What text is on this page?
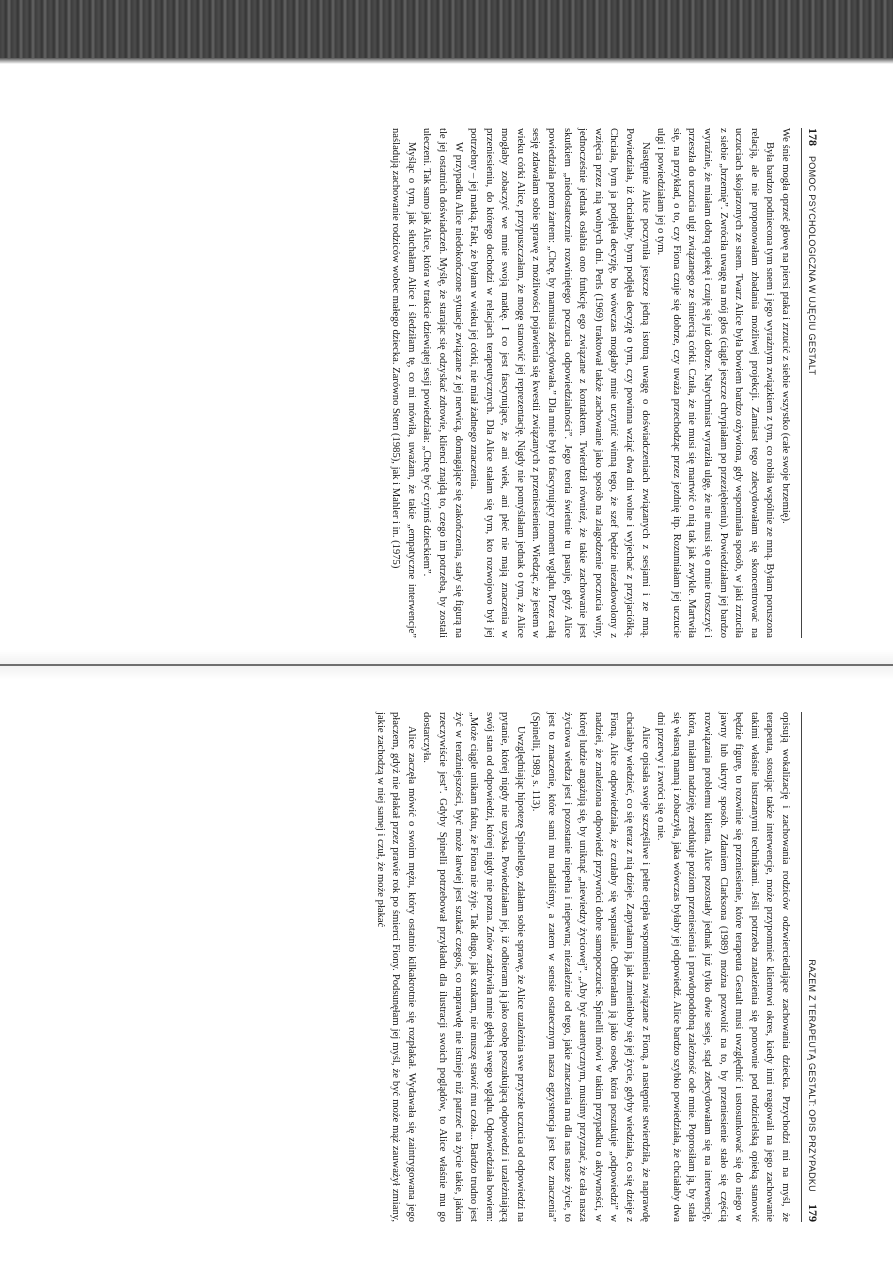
178
POMOC PSYCHOLOGICZNA W UJĘCIU GESTALT

We śnie mogła oprzeć głowę na piersi ptaka i zrzucić z siebie wszystko (całe swoje brzemię).

Była bardzo podniecona tym snem i jego wyraźnym związkiem z tym, co robiła wspólnie ze mną. Byłam poruszona relacją, ale nie proponowałam zbadania możliwej projekcji. Zamiast tego zdecydowałam się skoncentrować na uczuciach skojarzonych ze snem. Twarz Alice była bowiem bardzo ożywiona, gdy wspominała sposób, w jaki zrzuciła z siebie „brzemię”. Zwróciła uwagę na mój głos (ciągle jeszcze chrypiałam po przeziębieniu). Powiedziałam jej bardzo wyraźnie, że miałam dobrą opiekę i czuję się już dobrze. Natychmiast wyraziła ulgę, że nie musi się o mnie troszczyć i przeszła do uczucia ulgi związanego ze śmiercią córki. Czuła, że nie musi się martwić o nią tak jak zwykle. Martwiła się, na przykład, o to, czy Fiona czuje się dobrze, czy uważa przechodząc przez jezdnię itp. Rozumiałam jej uczucie ulgi i powiedziałam jej o tym.

Następnie Alice poczyniła jeszcze jedną istotną uwagę o doświadczeniach związanych z sesjami i ze mną. Powiedziała, iż chciałaby, bym podjęła decyzję o tym, czy powinna wziąć dwa dni wolne i wyjechać z przyjaciółką. Chciała, bym ja podjęła decyzję, bo wówczas mogłaby mnie uczynić winną tego, że szef będzie niezadowolony z wzięcia przez nią wolnych dni. Perls (1969) traktował także zachowanie jako sposób na zlagodzenie poczucia winy, jednocześnie jednak osłabia ono funkcję ego związane z kontaktem. Twierdził również, że takie zachowanie jest skutkiem „niedostatecznie rozwiniętego poczucia odpowiedzialności”. Jego teoria świetnie tu pasuje, gdyż Alice powiedziała potem żartem: „Chcę, by mamusia zdecydowała.” Dla mnie był to fascynujący moment wglądu. Przez całą sesję zdawałam sobie sprawę z możliwości pojawienia się kwestii związanych z przeniesieniem. Wiedząc, że jestem w wieku córki Alice, przypuszczałam, że mogę stanowić jej reprezentację. Nigdy nie pomyślałam jednak o tym, że Alice mogłaby zobaczyć we mnie swoją matkę. I co jest fascynujące, że ani wiek, ani płeć nie mają znaczenia w przeniesieniu, do którego dochodzi w relacjach terapeutycznych. Dla Alice stałam się tym, kto rozwojowo był jej potrzebny – jej matką. Fakt, że byłam w wieku jej córki, nie miał żadnego znaczenia.

W przypadku Alice niedokończone sytuacje związane z jej nerwicą, domagające się zakończenia, stały się figurą na tle jej ostatnich doświadczeń. Myślę, że starając się odzyskać zdrowie, klienci znajdą to, czego im potrzeba, by zostali uleczeni. Tak samo jak Alice, która w trakcie dziewiątej sesji powiedziała: „Chcę być czyimś dzieckiem”.

Myśląc o tym, jak słuchałam Alice i śledziłam tę, co mi mówiła, uważam, że takie „empatyczne interwencje” naśladują zachowanie rodziców wobec małego dziecka. Zarówno Stern (1985), jak i Mahler i in. (1975)

RAZEM Z TERAPEUTĄ GESTALT: OPIS PRZYPADKU
179

opisują wokalizację i zachowania rodziców odzwierciedlające zachowania dziecka. Przychodzi mi na myśl, że terapeuta, stosując także interwencje, może przypomnieć klientowi okres, kiedy inni reagowali na jego zachowanie takimi właśnie lustrzanymi technikami. Jeśli potrzeba znalezienia się ponownie pod rodzicielską opieką stanowić będzie figurę, to rozwinie się przeniesienie, które terapeuta Gestalt musi uwzględnić i ustosunkować się do niego w jawny lub ukryty sposób. Zdaniem Clarksona (1989) można pozwolić na to, by przeniesienie stało się częścią rozwiązania problemu klienta. Alice pozostały jednak już tylko dwie sesje, stąd zdecydowałam się na interwencję, która, miałam nadzieję, zredukuje poziom przeniesienia i prawdopodobną zależność ode mnie. Poprosiłam ją, by stała się własną mamą i zobaczyła, jaka wówczas byłaby jej odpowiedź. Alice bardzo szybko powiedziała, że chciałaby dwa dni przerwy i zwróci się o nie.

Alice opisała swoje szczęśliwe i pełne ciepła wspomnienia związane z Fioną, a następnie stwierdziła, że naprawdę chciałaby wiedzieć, co się teraz z nią dzieje. Zapytałam ją, jak zmieniłoby się jej życie, gdyby wiedziała, co się dzieje z Fioną. Alice odpowiedziała, że czułaby się wspaniale. Odbierałam ją jako osobę, która poszukuje „odpowiedzi” w nadziei, że znaleziona odpowiedź przywróci dobre samopoczucie. Spinelli mówi w takim przypadku o aktywności, w której ludzie angażują się, by uniknąć „niewiedzy życiowej”. „Aby być autentycznym, musimy przyznać, że cała nasza życiowa wiedza jest i pozostanie niepełna i niepewna; niezależnie od tego, jakie znaczenia ma dla nas nasze życie, to jest to znaczenie, które sami mu nadaliśmy, a zatem w sensie ostatecznym nasza egzystencja jest bez znaczenia” (Spinelli, 1989, s. 113).

Uwzględniając hipotezę Spinellego, zdałam sobie sprawę, że Alice uzależnia swe przyszłe uczucia od odpowiedzi na pytanie, której nigdy nie uzyska. Powiedziałam jej, iż odbieram ją jako osobę poszukującą odpowiedzi i uzależniającą swój stan od odpowiedzi, której nigdy nie pozna. Znów zadziwiła mnie głębią swego wglądu. Odpowiedziała bowiem: „Może ciągle unikam faktu, że Fiona nie żyje. Tak długo, jak szukam, nie muszę stawić mu czoła... Bardzo trudno jest żyć w teraźniejszości, być może łatwiej jest szukać czegoś, co naprawdę nie istnieje niż patrzeć na życie takie, jakim rzeczywiście jest”. Gdyby Spinelli potrzebował przykładu dla ilustracji swoich poglądów, to Alice właśnie mu go dostarczyła.

Alice zaczęła mówić o swoim mężu, który ostatnio kilkakrotnie się rozpłakał. Wydawała się zaintrygowana jego płaczem, gdyż nie płakał przez prawie rok po śmierci Fiony. Podsunęłam jej myśl, że być może mąż zauważył zmiany, jakie zachodzą w niej samej i czuł, że może płakać
